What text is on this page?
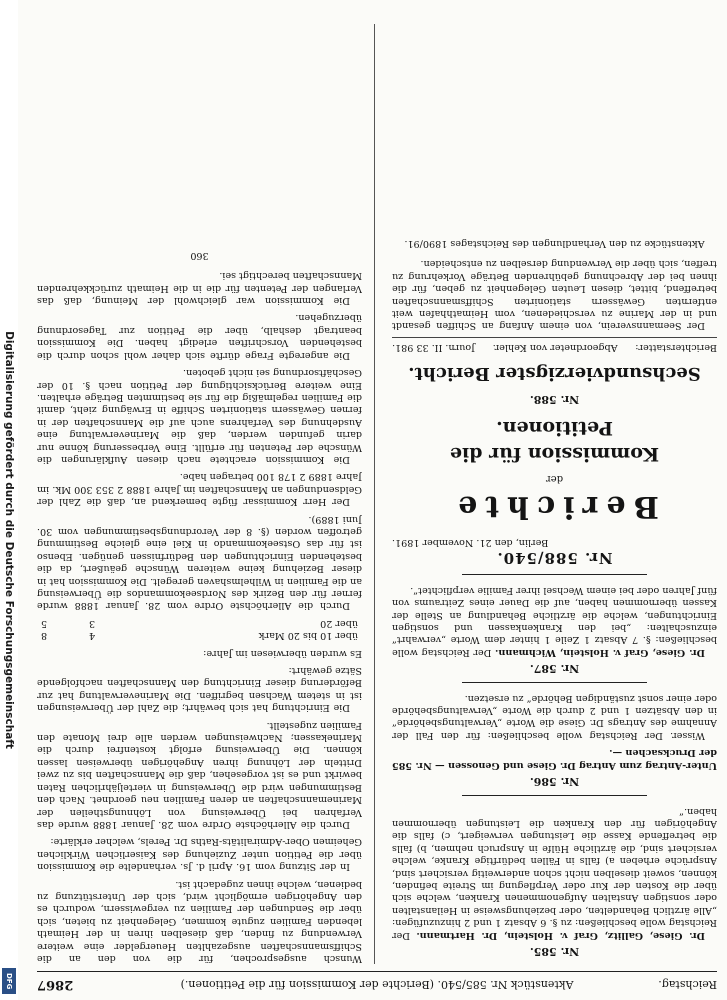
Reichstag.
Aktenstück Nr. 585/540. (Berichte der Kommission für die Petitionen.)
2867
Nr. 585.

Dr. Giese, Gallitz, Graf v. Holstein, Dr. Hartmann. Der Reichstag wolle beschließen: zu §. 6 Absatz 1 und 2 hinzuzufügen: „Alle ärztlich Behandelten, oder beziehungsweise in Heilanstalten oder sonstigen Anstalten Aufgenommenen Kranken, welche sich über die Kosten der Kur oder Verpflegung im Streite befinden, können, soweit dieselben nicht schon anderweitig versichert sind, Ansprüche erheben a) falls in Fällen bedürftige Kranke, welche versichert sind, die ärztliche Hülfe in Anspruch nehmen, b) falls die betreffende Kasse die Leistungen verweigert, c) falls die Angehörigen für den Kranken die Leistungen übernommen haben.“

Nr. 586.

Unter-Antrag zum Antrag Dr. Giese und Genossen — Nr. 585 der Drucksachen —.

Wisser. Der Reichstag wolle beschließen: für den Fall der Annahme des Antrags Dr. Giese die Worte „Verwaltungsbehörde“ in den Absätzen 1 und 2 durch die Worte „Verwaltungsbehörde oder einer sonst zuständigen Behörde“ zu ersetzen.

Nr. 587.

Dr. Giese, Graf v. Holstein, Wichmann. Der Reichstag wolle beschließen: §. 7 Absatz 1 Zeile 1 hinter dem Worte „verwahrt“ einzuschalten: „bei den Krankenkassen und sonstigen Einrichtungen, welche die ärztliche Behandlung an Stelle der Kassen übernommen haben, auf die Dauer eines Zeitraums von fünf Jahren oder bei einem Wechsel ihrer Familie verpflichtet“.

Nr. 588/540.
Berlin, den 21. November 1891.
Berichte
der
Kommission für die Petitionen.
Nr. 588.
Sechsundvierzigster Bericht.
Berichterstatter:
Abgeordneter von Kehler.
Journ. II. 33 981.

Der Seemannsverein, von einem Anfang an Schiffen gesandt und in der Marine zu verschiedenen, vom Heimathhafen weit entfernten Gewässern stationirten Schiffsmannschaften betreffend, bittet, diesen Leuten Gelegenheit zu geben, für die ihnen bei der Abrechnung gebührenden Beträge Vorkehrung zu treffen, sich über die Verwendung derselben zu entscheiden.

Aktenstücke zu den Verhandlungen des Reichstages 1890/91.

Wunsch ausgesprochen, für die von den an die Schiffsmannschaften ausgezahlten Heuergelder eine weitere Verwendung zu finden, daß dieselben ihren in der Heimath lebenden Familien zugute kommen, Gelegenheit zu bieten, sich über die Sendungen der Familien zu vergewissern, wodurch es den Angehörigen ermöglicht wird, sich der Unterstützung zu bedienen, welche ihnen zugedacht ist.

In der Sitzung vom 16. April d. Js. verhandelte die Kommission über die Petition unter Zuziehung des Kaiserlichen Wirklichen Geheimen Ober-Admiralitäts-Raths Dr. Perels, welcher erklärte:

Durch die Allerhöchste Ordre vom 28. Januar 1888 wurde das Verfahren bei Überweisung von Löhnungstheilen der Marinemannschaften an deren Familien neu geordnet. Nach den Bestimmungen wird die Überweisung in vierteljährlichen Raten bewirkt und es ist vorgesehen, daß die Mannschaften bis zu zwei Dritteln der Löhnung ihren Angehörigen überweisen lassen können. Die Überweisung erfolgt kostenfrei durch die Marinekassen; Nachweisungen werden alle drei Monate den Familien zugestellt.

Die Einrichtung hat sich bewährt; die Zahl der Überweisungen ist in stetem Wachsen begriffen. Die Marineverwaltung hat zur Beförderung dieser Einrichtung den Mannschaften nachfolgende Sätze gewährt:

Es wurden überwiesen im Jahre:

über 10 bis 20 Mark	4	8
über 20	3	5

Durch die Allerhöchste Ordre vom 28. Januar 1888 wurde ferner für den Bezirk des Nordseekommandos die Überweisung an die Familien in Wilhelmshaven geregelt. Die Kommission hat in dieser Beziehung keine weiteren Wünsche geäußert, da die bestehenden Einrichtungen den Bedürfnissen genügen. Ebenso ist für das Ostseekommando in Kiel eine gleiche Bestimmung getroffen worden (§. 8 der Verordnungsbestimmungen vom 30. Juni 1889).

Der Herr Kommissar fügte bemerkend an, daß die Zahl der Geldsendungen an Mannschaften im Jahre 1888 2 353 300 Mk. im Jahre 1889 2 178 100 betragen habe.

Die Kommission erachtete nach diesen Aufklärungen die Wünsche der Petenten für erfüllt. Eine Verbesserung könne nur darin gefunden werden, daß die Marineverwaltung eine Ausdehnung des Verfahrens auch auf die Mannschaften der in fernen Gewässern stationirten Schiffe in Erwägung zieht, damit die Familien regelmäßig die für sie bestimmten Beträge erhalten. Eine weitere Berücksichtigung der Petition nach §. 10 der Geschäftsordnung sei nicht geboten.

Die angeregte Frage dürfte sich daher wohl schon durch die bestehenden Vorschriften erledigt haben. Die Kommission beantragt deshalb, über die Petition zur Tagesordnung überzugehen.

Die Kommission war gleichwohl der Meinung, daß das Verlangen der Petenten für die in die Heimath zurückkehrenden Mannschaften berechtigt sei.

360
Digitalisierung gefördert durch die Deutsche Forschungsgemeinschaft
DFG
